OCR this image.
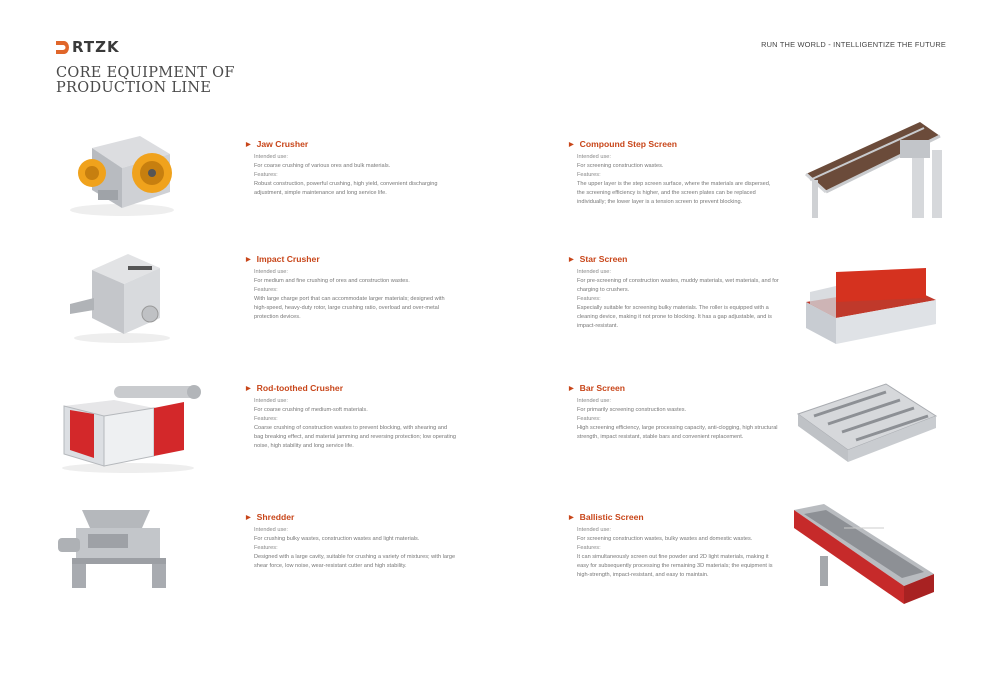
RTZK	RUN THE WORLD - INTELLIGENTIZE THE FUTURE
CORE EQUIPMENT OF
PRODUCTION LINE
▶ Jaw Crusher

Intended use:

For coarse crushing of various ores and bulk materials.

Features:

Robust construction, powerful crushing, high yield, convenient discharging adjustment, simple maintenance and long service life.

▶ Impact Crusher

Intended use:

For medium and fine crushing of ores and construction wastes.

Features:

With large charge port that can accommodate larger materials; designed with high-speed, heavy-duty rotor, large crushing ratio, overload and over-metal protection devices.

▶ Rod-toothed Crusher

Intended use:

For coarse crushing of medium-soft materials.

Features:

Coarse crushing of construction wastes to prevent blocking, with shearing and bag breaking effect, and material jamming and reversing protection; low operating noise, high stability and long service life.

▶ Shredder

Intended use:

For crushing bulky wastes, construction wastes and light materials.

Features:

Designed with a large cavity, suitable for crushing a variety of mixtures; with large shear force, low noise, wear-resistant cutter and high stability.

▶ Compound Step Screen

Intended use:

For screening construction wastes.

Features:

The upper layer is the step screen surface, where the materials are dispersed, the screening efficiency is higher, and the screen plates can be replaced individually; the lower layer is a tension screen to prevent blocking.

▶ Star Screen

Intended use:

For pre-screening of construction wastes, muddy materials, wet materials, and for charging to crushers.

Features:

Especially suitable for screening bulky materials. The roller is equipped with a cleaning device, making it not prone to blocking. It has a gap adjustable, and is impact-resistant.

▶ Bar Screen

Intended use:

For primarily screening construction wastes.

Features:

High screening efficiency, large processing capacity, anti-clogging, high structural strength, impact resistant, stable bars and convenient replacement.

▶ Ballistic Screen

Intended use:

For screening construction wastes, bulky wastes and domestic wastes.

Features:

It can simultaneously screen out fine powder and 2D light materials, making it easy for subsequently processing the remaining 3D materials; the equipment is high-strength, impact-resistant, and easy to maintain.
